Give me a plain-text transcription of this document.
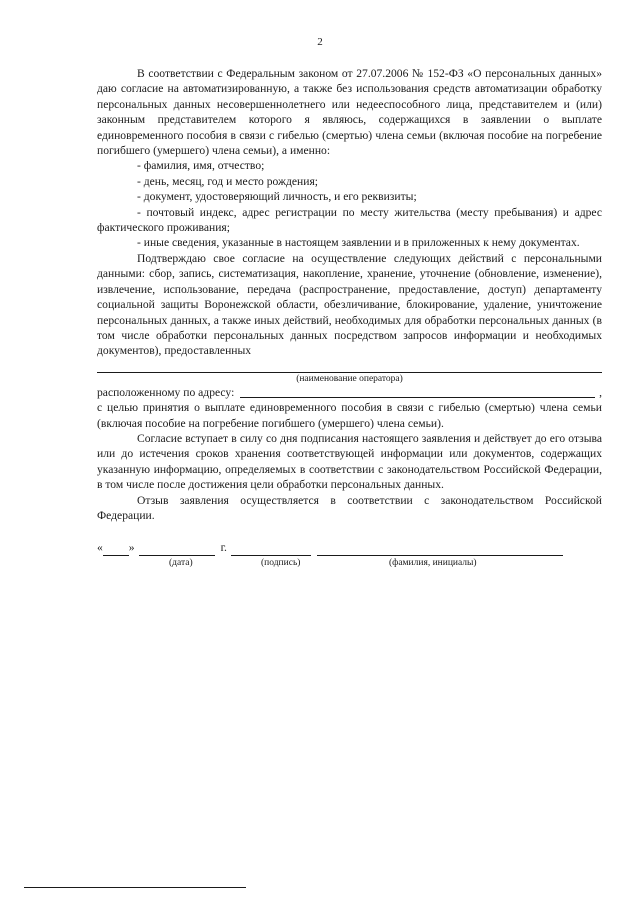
2

В соответствии с Федеральным законом от 27.07.2006 № 152-ФЗ «О персональных данных» даю согласие на автоматизированную, а также без использования средств автоматизации обработку персональных данных несовершеннолетнего или недееспособного лица, представителем и (или) законным представителем которого я являюсь, содержащихся в заявлении о выплате единовременного пособия в связи с гибелью (смертью) члена семьи (включая пособие на погребение погибшего (умершего) члена семьи), а именно:

- фамилия, имя, отчество;

- день, месяц, год и место рождения;

- документ, удостоверяющий личность, и его реквизиты;

- почтовый индекс, адрес регистрации по месту жительства (месту пребывания) и адрес фактического проживания;

- иные сведения, указанные в настоящем заявлении и в приложенных к нему документах.

Подтверждаю свое согласие на осуществление следующих действий с персональными данными: сбор, запись, систематизация, накопление, хранение, уточнение (обновление, изменение), извлечение, использование, передача (распространение, предоставление, доступ) департаменту социальной защиты Воронежской области, обезличивание, блокирование, удаление, уничтожение персональных данных, а также иных действий, необходимых для обработки персональных данных (в том числе обработки персональных данных посредством запросов информации и необходимых документов), предоставленных

(наименование оператора)
расположенному по адресу:	,

с целью принятия о выплате единовременного пособия в связи с гибелью (смертью) члена семьи (включая пособие на погребение погибшего (умершего) члена семьи).

Согласие вступает в силу со дня подписания настоящего заявления и действует до его отзыва или до истечения сроков хранения соответствующей информации или документов, содержащих указанную информацию, определяемых в соответствии с законодательством Российской Федерации, в том числе после достижения цели обработки персональных данных.

Отзыв заявления осуществляется в соответствии с законодательством Российской Федерации.

« »	г.
(дата)	(подпись)	(фамилия, инициалы)
